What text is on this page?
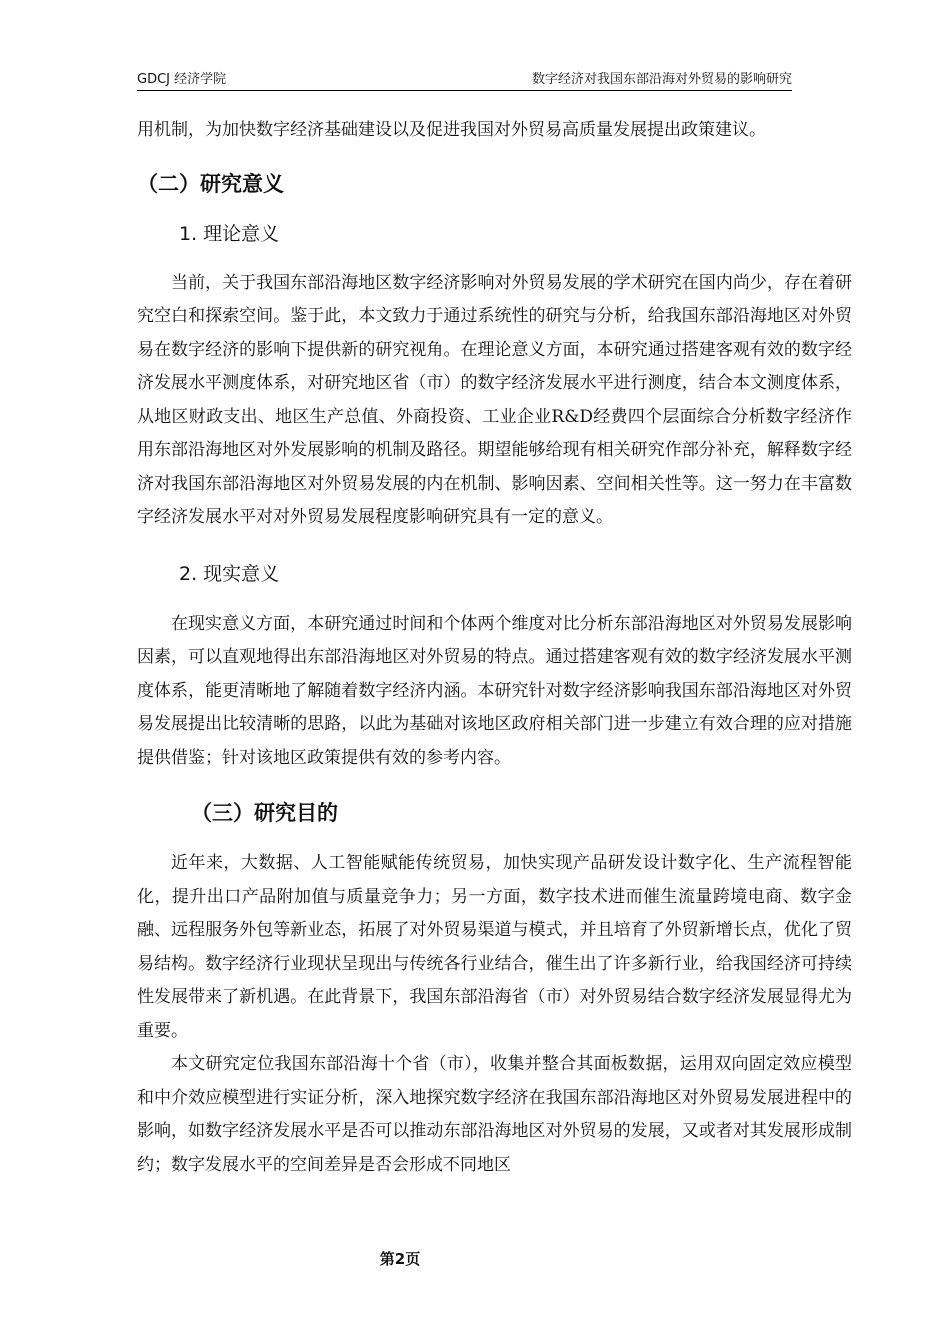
GDCJ 经济学院	数字经济对我国东部沿海对外贸易的影响研究

用机制，为加快数字经济基础建设以及促进我国对外贸易高质量发展提出政策建议。

（二）研究意义
1. 理论意义

当前，关于我国东部沿海地区数字经济影响对外贸易发展的学术研究在国内尚少，存在着研究空白和探索空间。鉴于此，本文致力于通过系统性的研究与分析，给我国东部沿海地区对外贸易在数字经济的影响下提供新的研究视角。在理论意义方面，本研究通过搭建客观有效的数字经济发展水平测度体系，对研究地区省（市）的数字经济发展水平进行测度，结合本文测度体系，从地区财政支出、地区生产总值、外商投资、工业企业R&D经费四个层面综合分析数字经济作用东部沿海地区对外发展影响的机制及路径。期望能够给现有相关研究作部分补充，解释数字经济对我国东部沿海地区对外贸易发展的内在机制、影响因素、空间相关性等。这一努力在丰富数字经济发展水平对对外贸易发展程度影响研究具有一定的意义。

2. 现实意义

在现实意义方面，本研究通过时间和个体两个维度对比分析东部沿海地区对外贸易发展影响因素，可以直观地得出东部沿海地区对外贸易的特点。通过搭建客观有效的数字经济发展水平测度体系，能更清晰地了解随着数字经济内涵。本研究针对数字经济影响我国东部沿海地区对外贸易发展提出比较清晰的思路，以此为基础对该地区政府相关部门进一步建立有效合理的应对措施提供借鉴；针对该地区政策提供有效的参考内容。

（三）研究目的

近年来，大数据、人工智能赋能传统贸易，加快实现产品研发设计数字化、生产流程智能化，提升出口产品附加值与质量竞争力；另一方面，数字技术进而催生流量跨境电商、数字金融、远程服务外包等新业态，拓展了对外贸易渠道与模式，并且培育了外贸新增长点，优化了贸易结构。数字经济行业现状呈现出与传统各行业结合，催生出了许多新行业，给我国经济可持续性发展带来了新机遇。在此背景下，我国东部沿海省（市）对外贸易结合数字经济发展显得尤为重要。

本文研究定位我国东部沿海十个省（市），收集并整合其面板数据，运用双向固定效应模型和中介效应模型进行实证分析，深入地探究数字经济在我国东部沿海地区对外贸易发展进程中的影响，如数字经济发展水平是否可以推动东部沿海地区对外贸易的发展，又或者对其发展形成制约；数字发展水平的空间差异是否会形成不同地区

第2页
